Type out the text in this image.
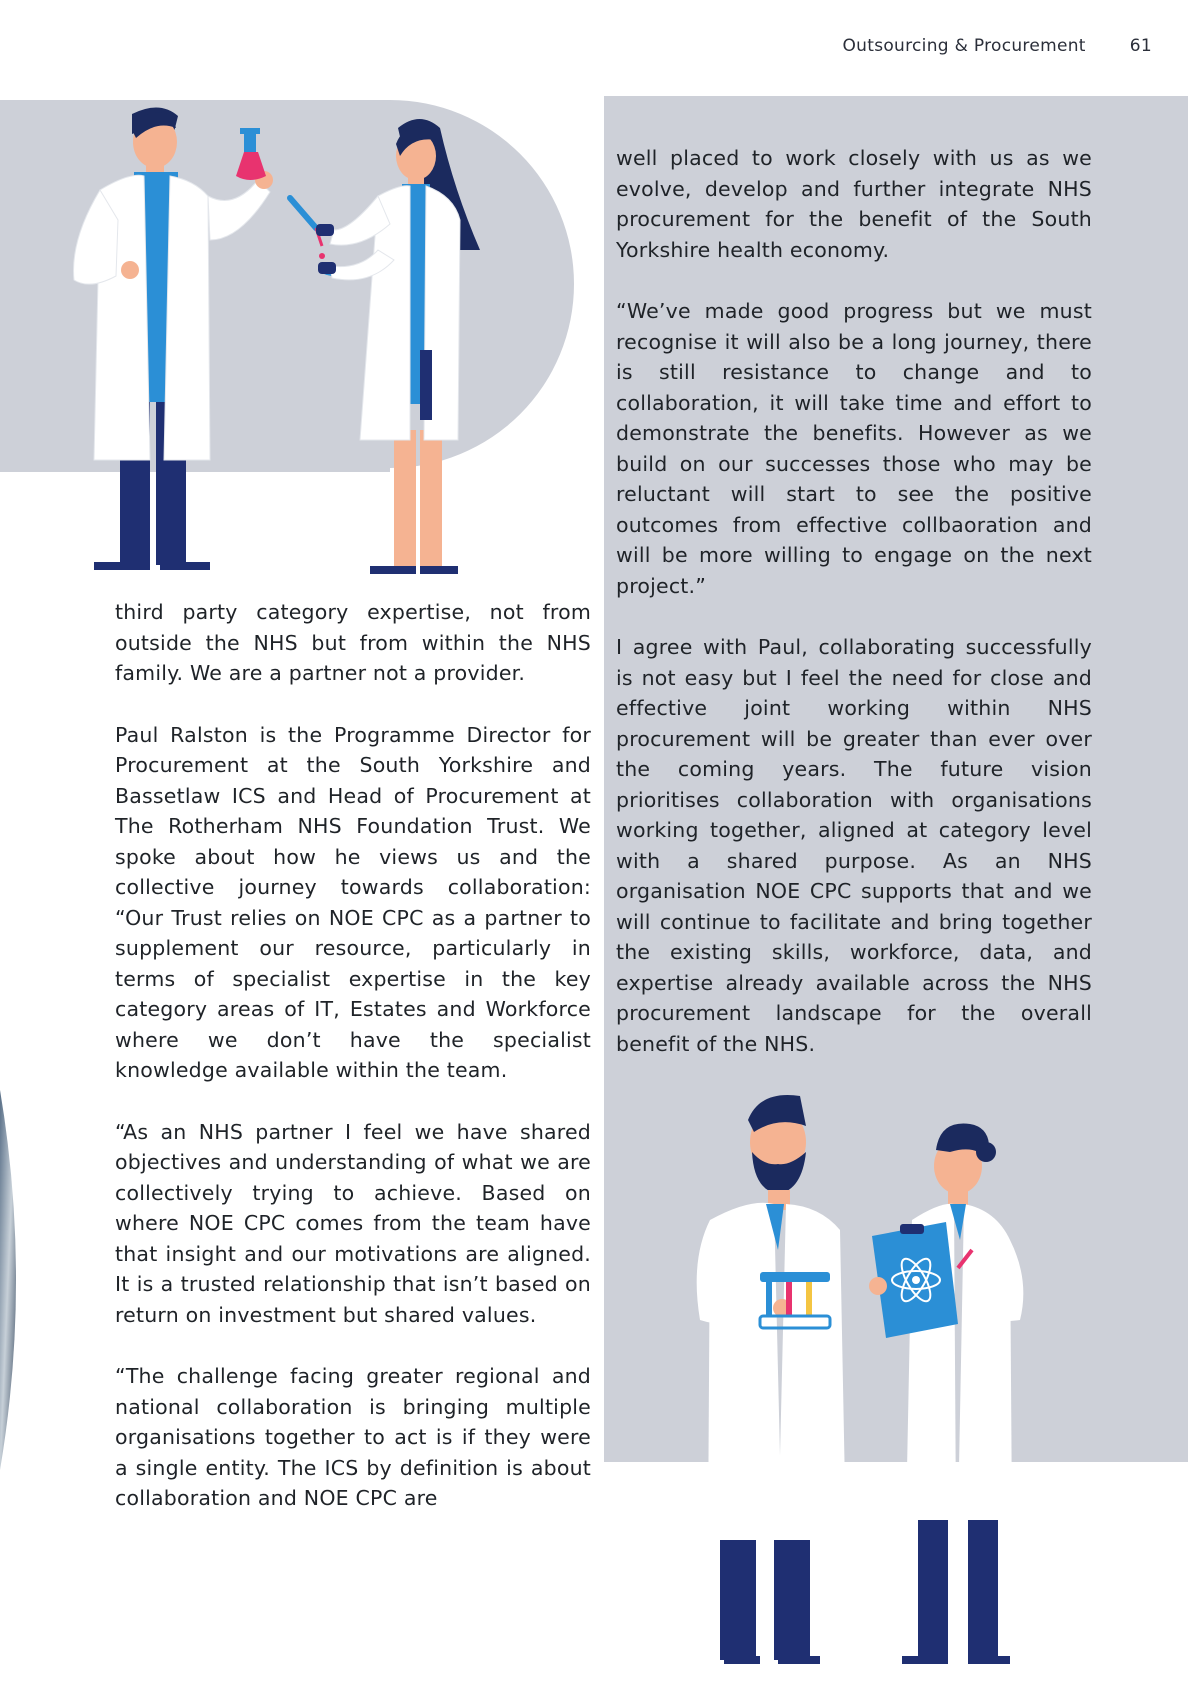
Outsourcing & Procurement	61

third party category expertise, not from outside the NHS but from within the NHS family. We are a partner not a provider.

Paul Ralston is the Programme Director for Procurement at the South Yorkshire and Bassetlaw ICS and Head of Procurement at The Rotherham NHS Foundation Trust. We spoke about how he views us and the collective journey towards collaboration: “Our Trust relies on NOE CPC as a partner to supplement our resource, particularly in terms of specialist expertise in the key category areas of IT, Estates and Workforce where we don’t have the specialist knowledge available within the team.

“As an NHS partner I feel we have shared objectives and understanding of what we are collectively trying to achieve. Based on where NOE CPC comes from the team have that insight and our motivations are aligned. It is a trusted relationship that isn’t based on return on investment but shared values.

“The challenge facing greater regional and national collaboration is bringing multiple organisations together to act is if they were a single entity. The ICS by definition is about collaboration and NOE CPC are

well placed to work closely with us as we evolve, develop and further integrate NHS procurement for the benefit of the South Yorkshire health economy.

“We’ve made good progress but we must recognise it will also be a long journey, there is still resistance to change and to collaboration, it will take time and effort to demonstrate the benefits. However as we build on our successes those who may be reluctant will start to see the positive outcomes from effective collbaoration and will be more willing to engage on the next project.”

I agree with Paul, collaborating successfully is not easy but I feel the need for close and effective joint working within NHS procurement will be greater than ever over the coming years. The future vision prioritises collaboration with organisations working together, aligned at category level with a shared purpose. As an NHS organisation NOE CPC supports that and we will continue to facilitate and bring together the existing skills, workforce, data, and expertise already available across the NHS procurement landscape for the overall benefit of the NHS.
